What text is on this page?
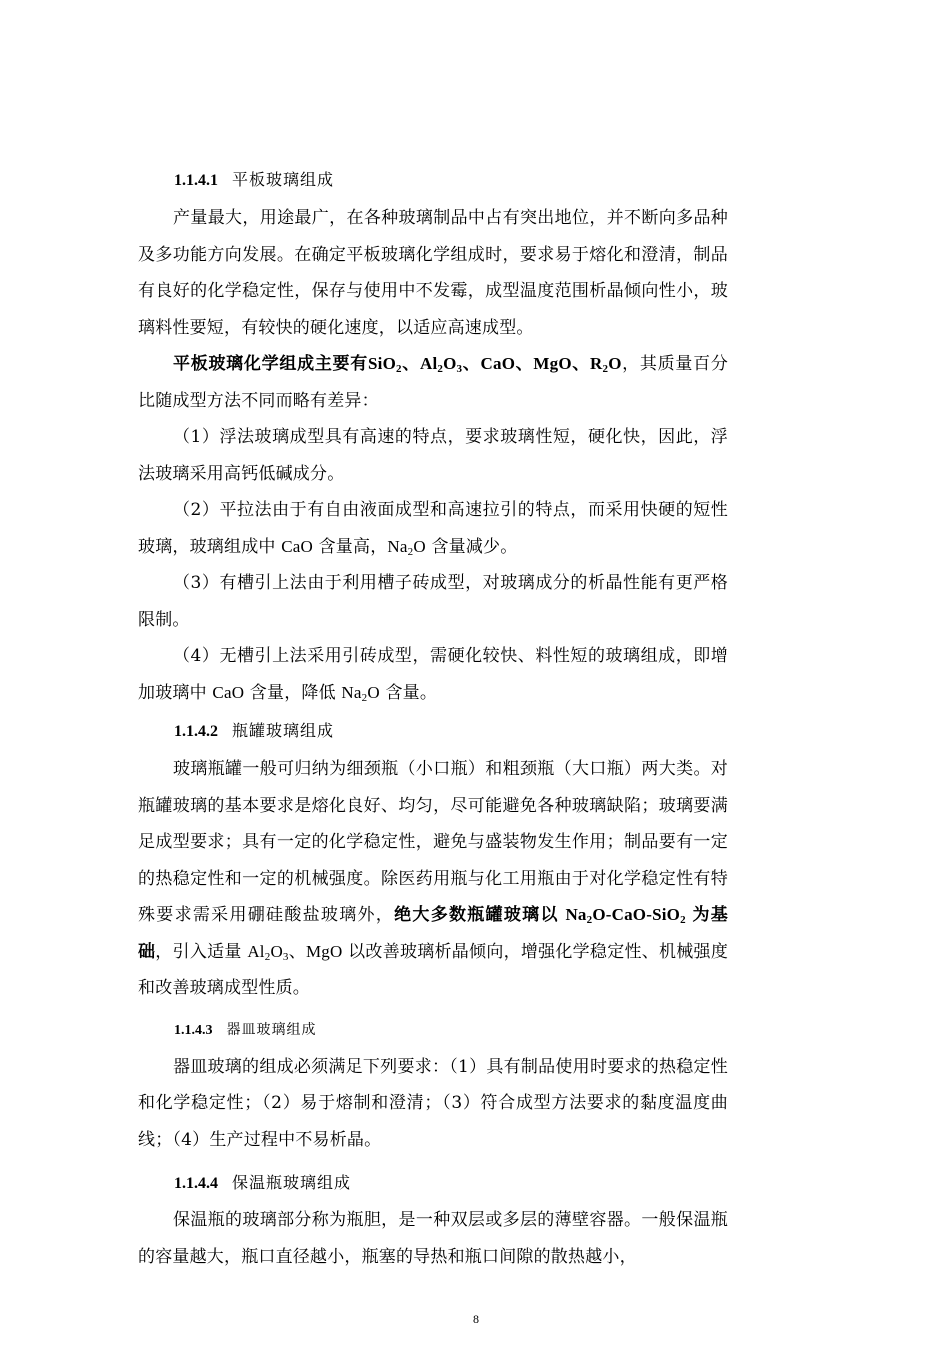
1.1.4.1 平板玻璃组成

产量最大，用途最广，在各种玻璃制品中占有突出地位，并不断向多品种及多功能方向发展。在确定平板玻璃化学组成时，要求易于熔化和澄清，制品有良好的化学稳定性，保存与使用中不发霉，成型温度范围析晶倾向性小，玻璃料性要短，有较快的硬化速度，以适应高速成型。

平板玻璃化学组成主要有SiO$_2$、$Al_2O_3$、CaO、MgO、$R_2O$，其质量百分比随成型方法不同而略有差异：

（1）浮法玻璃成型具有高速的特点，要求玻璃性短，硬化快，因此，浮法玻璃采用高钙低碱成分。

（2）平拉法由于有自由液面成型和高速拉引的特点，而采用快硬的短性玻璃，玻璃组成中 CaO 含量高，$Na_2O$ 含量减少。

（3）有槽引上法由于利用槽子砖成型，对玻璃成分的析晶性能有更严格限制。

（4）无槽引上法采用引砖成型，需硬化较快、料性短的玻璃组成，即增加玻璃中 CaO 含量，降低 $Na_2O$ 含量。

1.1.4.2 瓶罐玻璃组成

玻璃瓶罐一般可归纳为细颈瓶（小口瓶）和粗颈瓶（大口瓶）两大类。对瓶罐玻璃的基本要求是熔化良好、均匀，尽可能避免各种玻璃缺陷；玻璃要满足成型要求；具有一定的化学稳定性，避免与盛装物发生作用；制品要有一定的热稳定性和一定的机械强度。除医药用瓶与化工用瓶由于对化学稳定性有特殊要求需采用硼硅酸盐玻璃外，绝大多数瓶罐玻璃以 $Na_2O-CaO-SiO_2$ 为基础，引入适量 $Al_2O_3$、MgO 以改善玻璃析晶倾向，增强化学稳定性、机械强度和改善玻璃成型性质。

1.1.4.3 器皿玻璃组成

器皿玻璃的组成必须满足下列要求：（1）具有制品使用时要求的热稳定性和化学稳定性；（2）易于熔制和澄清；（3）符合成型方法要求的黏度温度曲线；（4）生产过程中不易析晶。

1.1.4.4 保温瓶玻璃组成

保温瓶的玻璃部分称为瓶胆，是一种双层或多层的薄壁容器。一般保温瓶的容量越大，瓶口直径越小，瓶塞的导热和瓶口间隙的散热越小，

8
